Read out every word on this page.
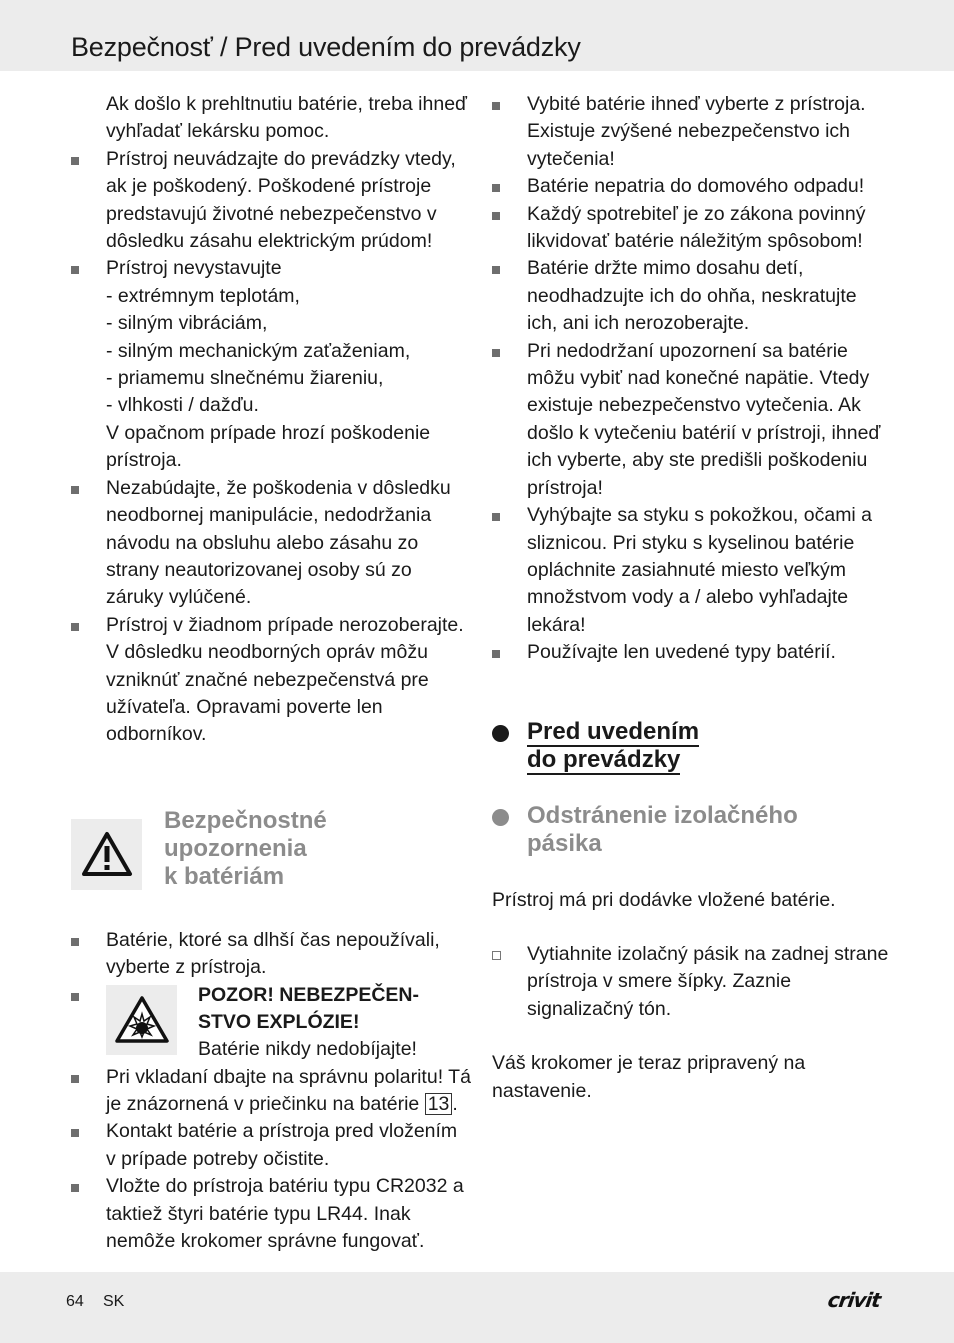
Bezpečnosť / Pred uvedením do prevádzky
Ak došlo k prehltnutiu batérie, treba ihneď vyhľadať lekársku pomoc.
Prístroj neuvádzajte do prevádzky vtedy, ak je poškodený. Poškodené prístroje predstavujú životné nebezpečenstvo v dôsledku zásahu elektrickým prúdom!
Prístroj nevystavujte
- extrémnym teplotám,
- silným vibráciám,
- silným mechanickým zaťaženiam,
- priamemu slnečnému žiareniu,
- vlhkosti / dažďu.
V opačnom prípade hrozí poškodenie prístroja.
Nezabúdajte, že poškodenia v dôsledku neodbornej manipulácie, nedodržania návodu na obsluhu alebo zásahu zo strany neautorizovanej osoby sú zo záruky vylúčené.
Prístroj v žiadnom prípade nerozoberajte. V dôsledku neodborných opráv môžu vzniknúť značné nebezpečenstvá pre užívateľa. Opravami poverte len odborníkov.
Bezpečnostné
upozornenia
k batériám
Batérie, ktoré sa dlhší čas nepoužívali, vyberte z prístroja.
POZOR! NEBEZPEČEN-
STVO EXPLÓZIE!
Batérie nikdy nedobíjajte!
Pri vkladaní dbajte na správnu polaritu! Tá je znázornená v priečinku na batérie 13 .
Kontakt batérie a prístroja pred vložením v prípade potreby očistite.
Vložte do prístroja batériu typu CR2032 a taktiež štyri batérie typu LR44. Inak nemôže krokomer správne fungovať.
Vybité batérie ihneď vyberte z prístroja. Existuje zvýšené nebezpečenstvo ich vytečenia!
Batérie nepatria do domového odpadu!
Každý spotrebiteľ je zo zákona povinný likvidovať batérie náležitým spôsobom!
Batérie držte mimo dosahu detí, neodhadzujte ich do ohňa, neskratujte ich, ani ich nerozoberajte.
Pri nedodržaní upozornení sa batérie môžu vybiť nad konečné napätie. Vtedy existuje nebezpečenstvo vytečenia. Ak došlo k vytečeniu batérií v prístroji, ihneď ich vyberte, aby ste predišli poškodeniu prístroja!
Vyhýbajte sa styku s pokožkou, očami a sliznicou. Pri styku s kyselinou batérie opláchnite zasiahnuté miesto veľkým množstvom vody a / alebo vyhľadajte lekára!
Používajte len uvedené typy batérií.
Pred uvedením
do prevádzky
Odstránenie izolačného
pásika
Prístroj má pri dodávke vložené batérie.
Vytiahnite izolačný pásik na zadnej strane prístroja v smere šípky. Zaznie signalizačný tón.
Váš krokomer je teraz pripravený na nastavenie.
64 SK	crivit
